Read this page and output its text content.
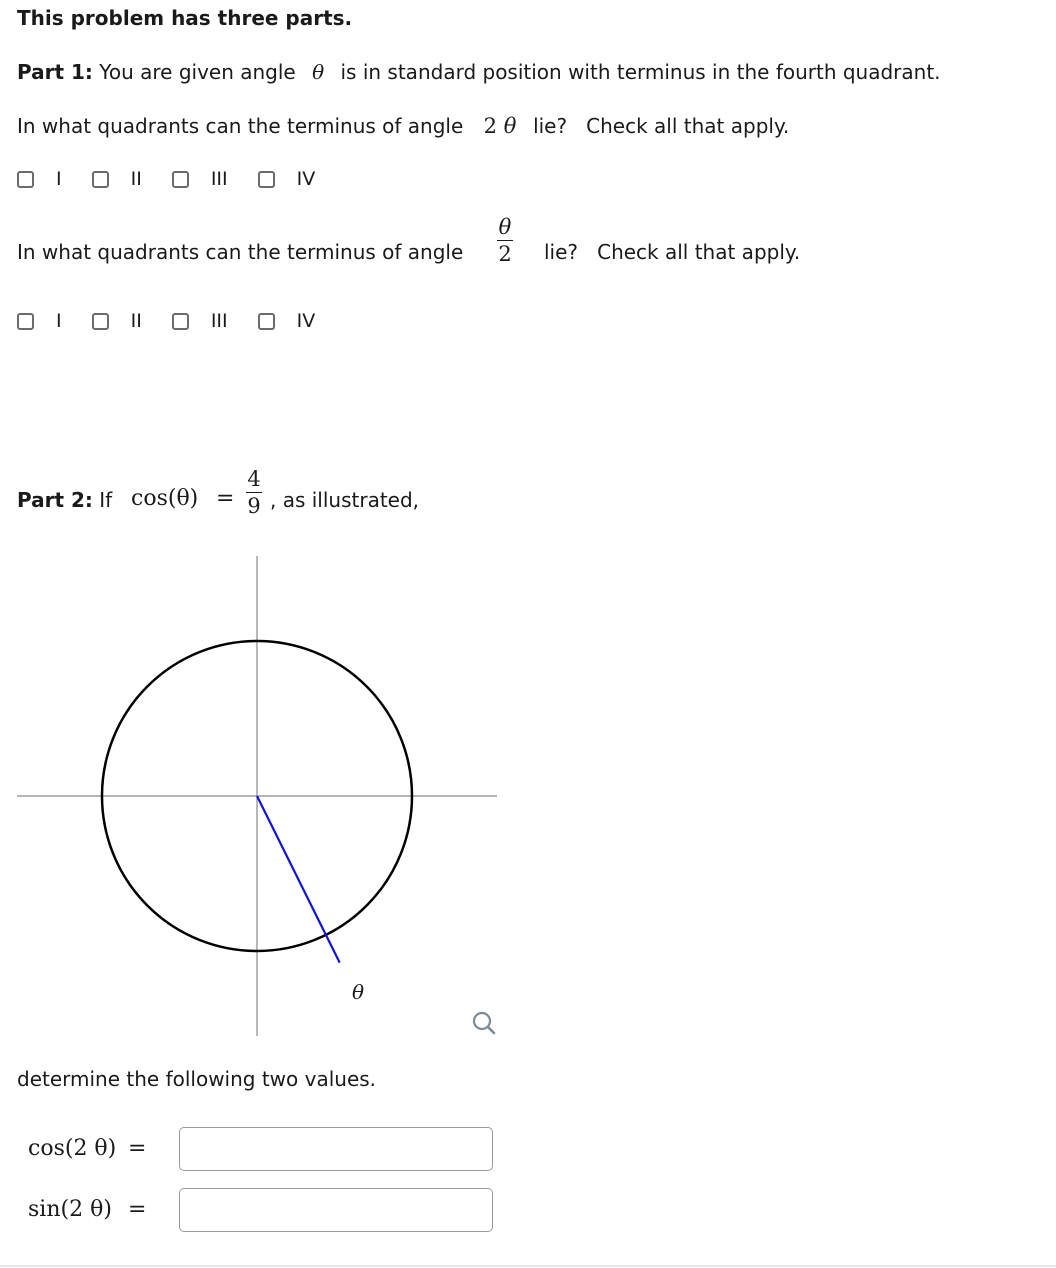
This problem has three parts.
Part 1: You are given angle θ is in standard position with terminus in the fourth quadrant.
In what quadrants can the terminus of angle 2 θ lie?   Check all that apply.
I	II	III	IV
In what quadrants can the terminus of angle
θ
2 lie?   Check all that apply.
I	II	III	IV
Part 2: If cos(θ) =
4
9 , as illustrated,
θ
determine the following two values.
cos(2 θ) =
sin(2 θ) =
